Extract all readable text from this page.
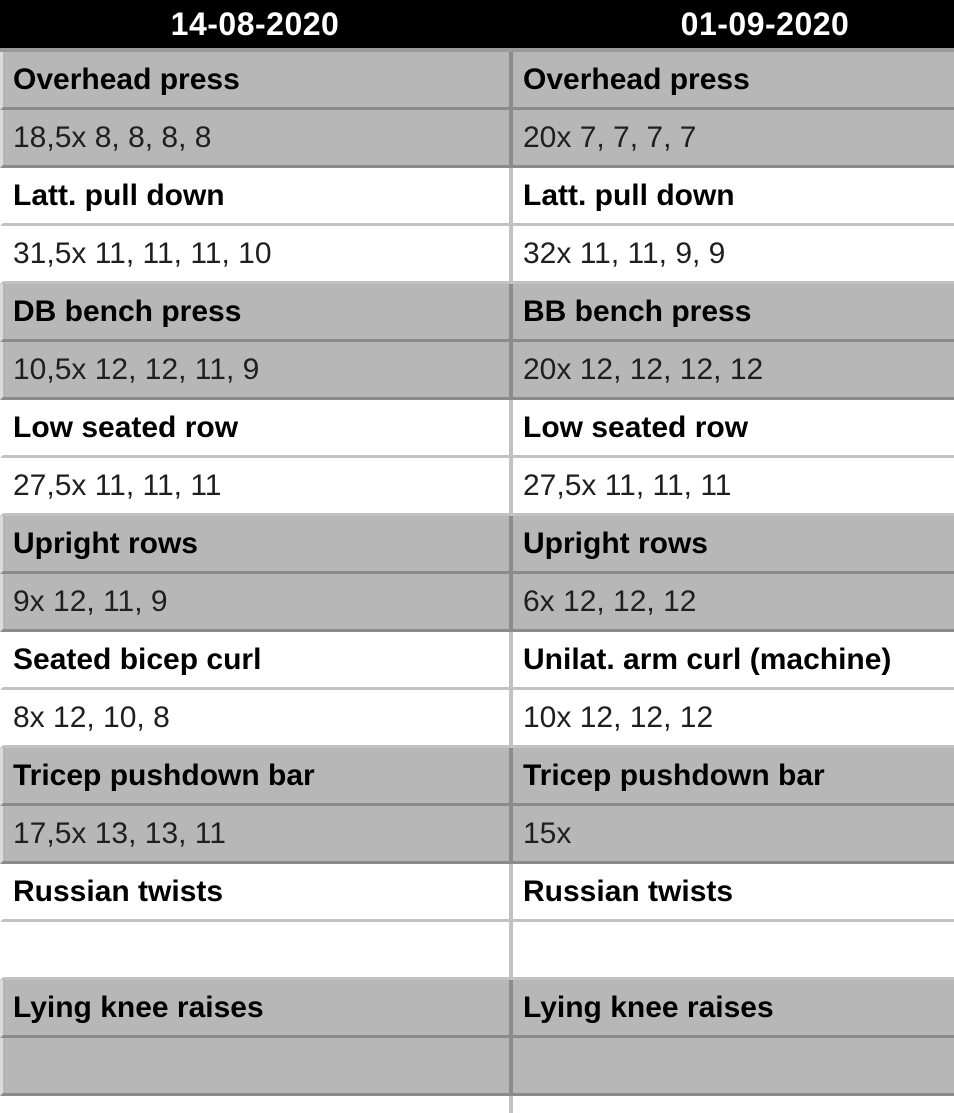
14-08-2020	01-09-2020
Overhead press	Overhead press
18,5x 8, 8, 8, 8	20x 7, 7, 7, 7
Latt. pull down	Latt. pull down
31,5x 11, 11, 11, 10	32x 11, 11, 9, 9
DB bench press	BB bench press
10,5x 12, 12, 11, 9	20x 12, 12, 12, 12
Low seated row	Low seated row
27,5x 11, 11, 11	27,5x 11, 11, 11
Upright rows	Upright rows
9x 12, 11, 9	6x 12, 12, 12
Seated bicep curl	Unilat. arm curl (machine)
8x 12, 10, 8	10x 12, 12, 12
Tricep pushdown bar	Tricep pushdown bar
17,5x 13, 13, 11	15x
Russian twists	Russian twists
Lying knee raises	Lying knee raises
